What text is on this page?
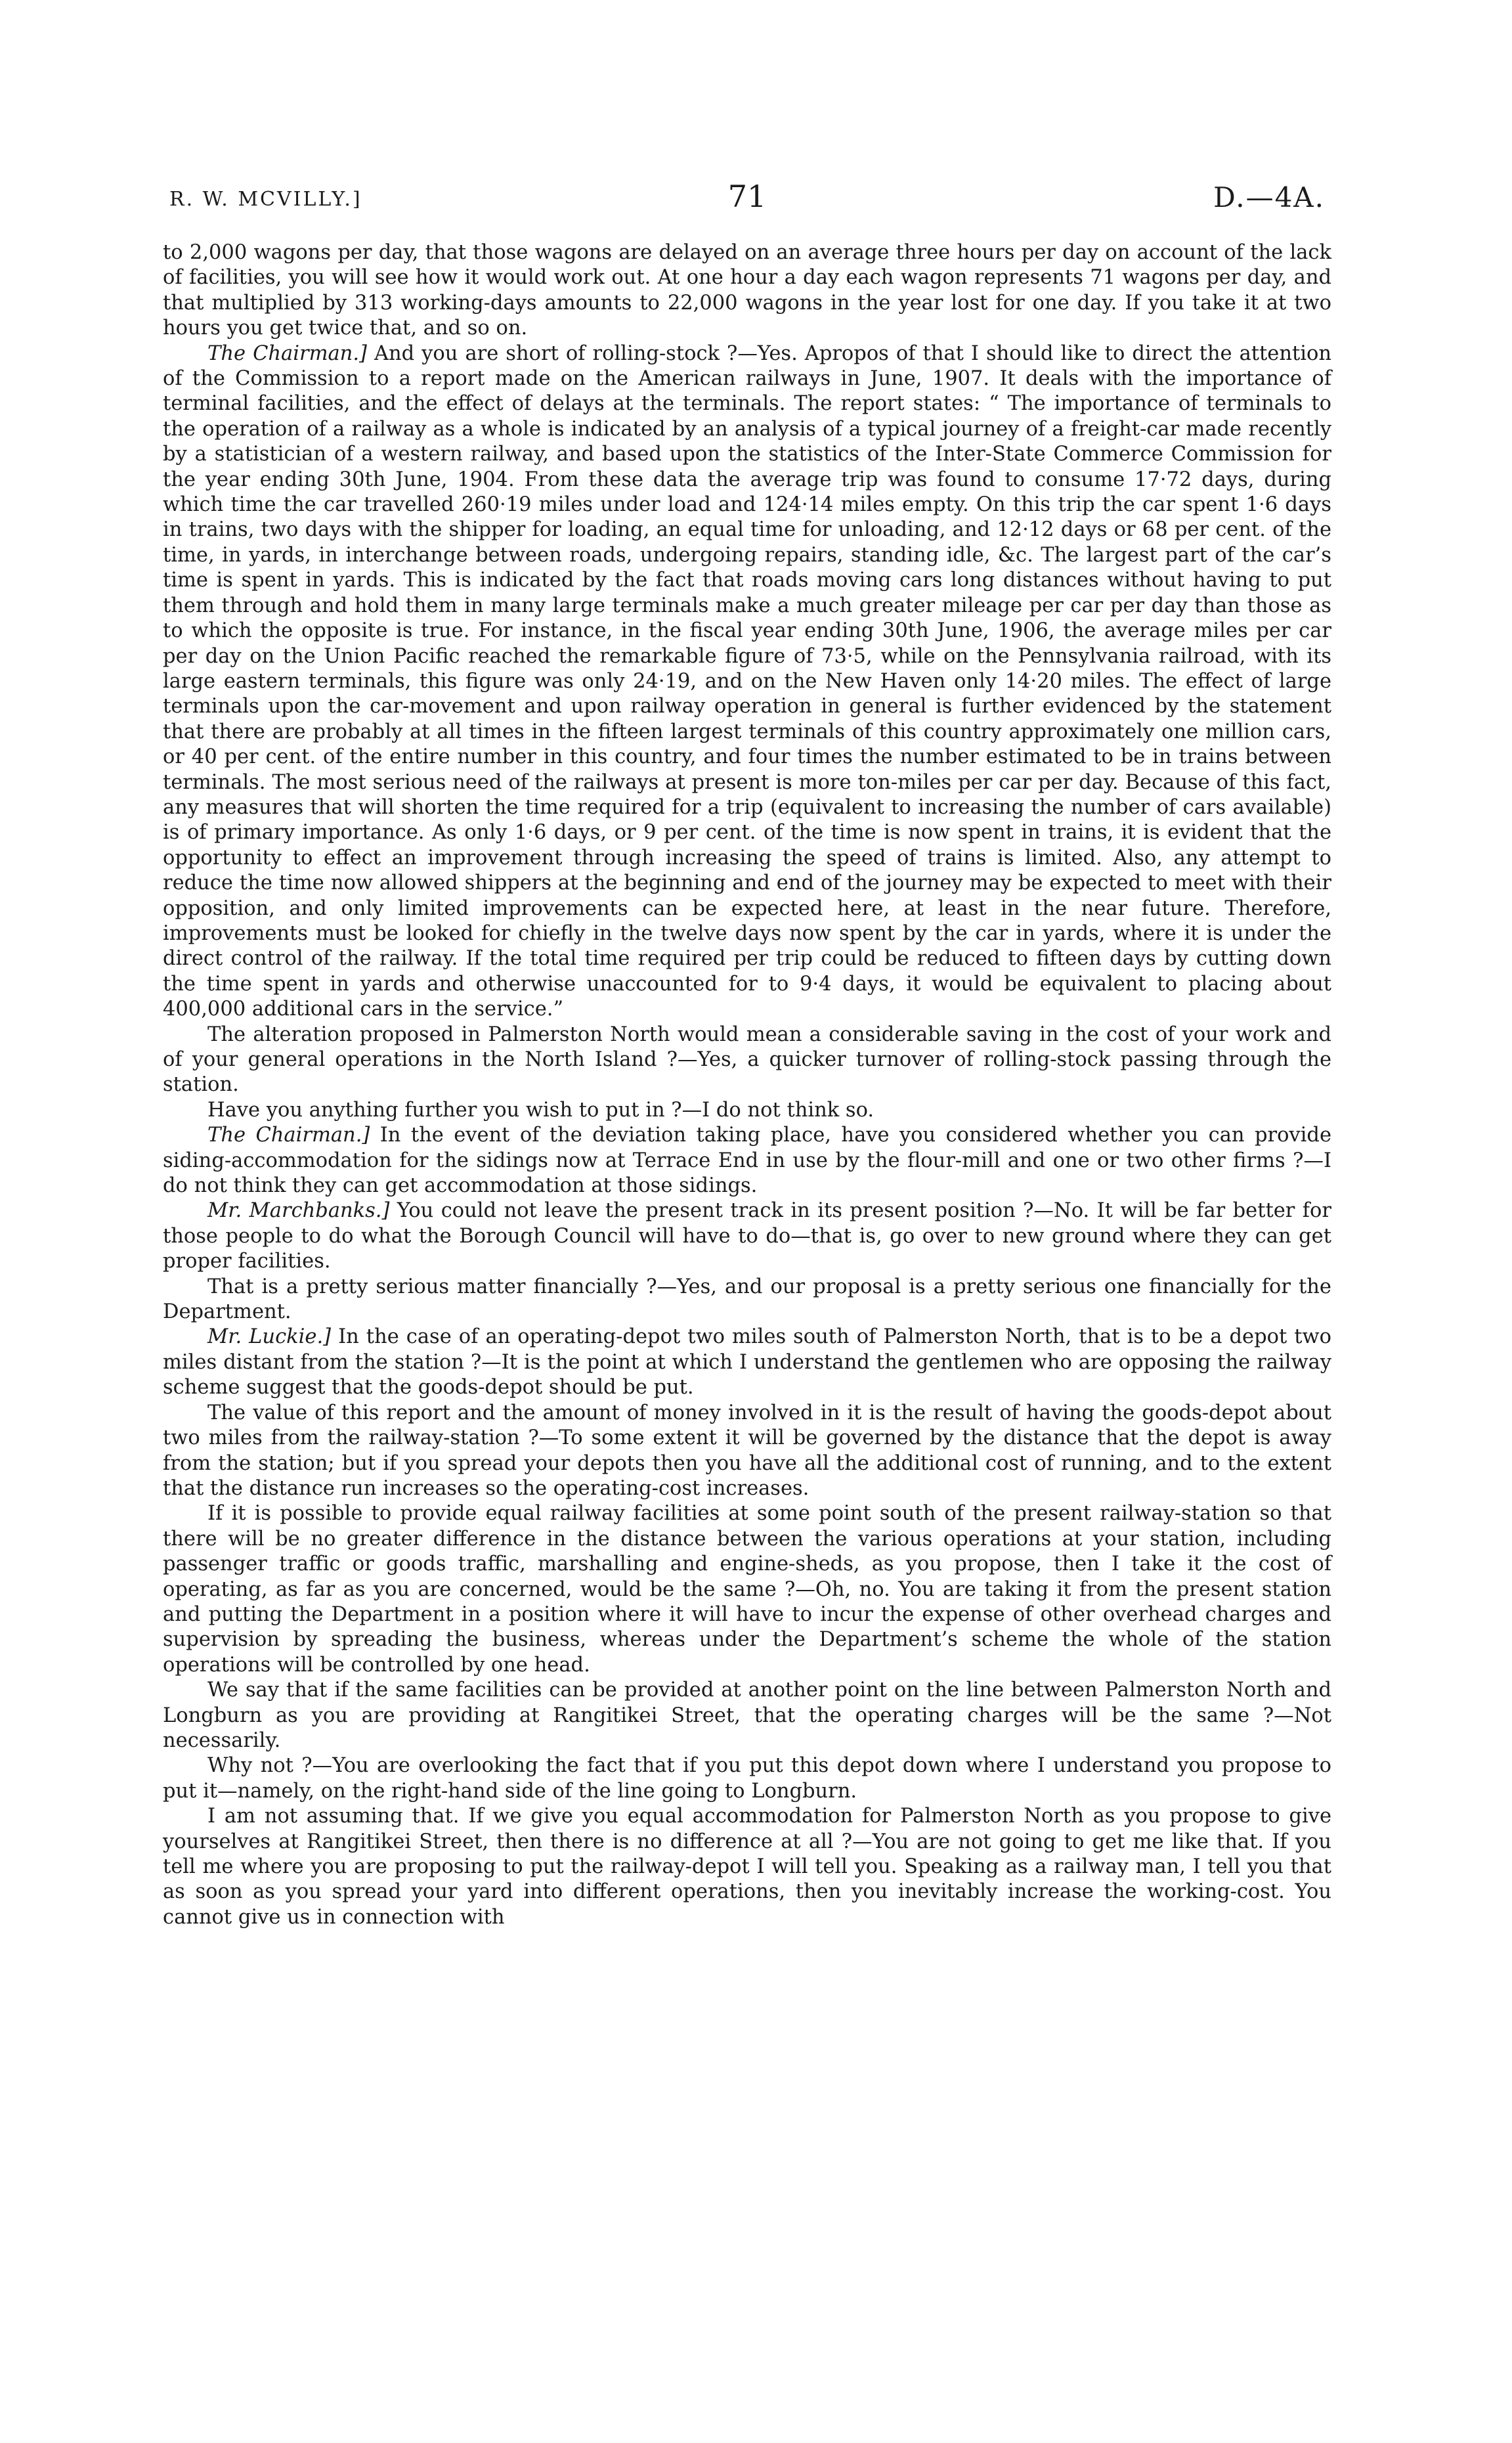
R. W. MCVILLY.]	71	D.—4A.

to 2,000 wagons per day, that those wagons are delayed on an average three hours per day on account of the lack of facilities, you will see how it would work out. At one hour a day each wagon represents 71 wagons per day, and that multiplied by 313 working-days amounts to 22,000 wagons in the year lost for one day. If you take it at two hours you get twice that, and so on.

The Chairman.] And you are short of rolling-stock ?—Yes. Apropos of that I should like to direct the attention of the Commission to a report made on the American railways in June, 1907. It deals with the importance of terminal facilities, and the effect of delays at the terminals. The report states: “ The importance of terminals to the operation of a railway as a whole is indicated by an analysis of a typical journey of a freight-car made recently by a statistician of a western railway, and based upon the statistics of the Inter-State Commerce Commission for the year ending 30th June, 1904. From these data the average trip was found to consume 17·72 days, during which time the car travelled 260·19 miles under load and 124·14 miles empty. On this trip the car spent 1·6 days in trains, two days with the shipper for loading, an equal time for unloading, and 12·12 days or 68 per cent. of the time, in yards, in interchange between roads, undergoing repairs, standing idle, &c. The largest part of the car’s time is spent in yards. This is indicated by the fact that roads moving cars long distances without having to put them through and hold them in many large terminals make a much greater mileage per car per day than those as to which the opposite is true. For instance, in the fiscal year ending 30th June, 1906, the average miles per car per day on the Union Pacific reached the remarkable figure of 73·5, while on the Pennsylvania railroad, with its large eastern terminals, this figure was only 24·19, and on the New Haven only 14·20 miles. The effect of large terminals upon the car-movement and upon railway operation in general is further evidenced by the statement that there are probably at all times in the fifteen largest terminals of this country approximately one million cars, or 40 per cent. of the entire number in this country, and four times the number estimated to be in trains between terminals. The most serious need of the railways at present is more ton-miles per car per day. Because of this fact, any measures that will shorten the time required for a trip (equivalent to increasing the number of cars available) is of primary importance. As only 1·6 days, or 9 per cent. of the time is now spent in trains, it is evident that the opportunity to effect an improvement through increasing the speed of trains is limited. Also, any attempt to reduce the time now allowed shippers at the beginning and end of the journey may be expected to meet with their opposition, and only limited improvements can be expected here, at least in the near future. Therefore, improvements must be looked for chiefly in the twelve days now spent by the car in yards, where it is under the direct control of the railway. If the total time required per trip could be reduced to fifteen days by cutting down the time spent in yards and otherwise unaccounted for to 9·4 days, it would be equivalent to placing about 400,000 additional cars in the service.”

The alteration proposed in Palmerston North would mean a considerable saving in the cost of your work and of your general operations in the North Island ?—Yes, a quicker turnover of rolling-stock passing through the station.

Have you anything further you wish to put in ?—I do not think so.

The Chairman.] In the event of the deviation taking place, have you considered whether you can provide siding-accommodation for the sidings now at Terrace End in use by the flour-mill and one or two other firms ?—I do not think they can get accommodation at those sidings.

Mr. Marchbanks.] You could not leave the present track in its present position ?—No. It will be far better for those people to do what the Borough Council will have to do—that is, go over to new ground where they can get proper facilities.

That is a pretty serious matter financially ?—Yes, and our proposal is a pretty serious one financially for the Department.

Mr. Luckie.] In the case of an operating-depot two miles south of Palmerston North, that is to be a depot two miles distant from the station ?—It is the point at which I understand the gentlemen who are opposing the railway scheme suggest that the goods-depot should be put.

The value of this report and the amount of money involved in it is the result of having the goods-depot about two miles from the railway-station ?—To some extent it will be governed by the distance that the depot is away from the station; but if you spread your depots then you have all the additional cost of running, and to the extent that the distance run increases so the operating-cost increases.

If it is possible to provide equal railway facilities at some point south of the present railway-station so that there will be no greater difference in the distance between the various operations at your station, including passenger traffic or goods traffic, marshalling and engine-sheds, as you propose, then I take it the cost of operating, as far as you are concerned, would be the same ?—Oh, no. You are taking it from the present station and putting the Department in a position where it will have to incur the expense of other overhead charges and supervision by spreading the business, whereas under the Department’s scheme the whole of the station operations will be controlled by one head.

We say that if the same facilities can be provided at another point on the line between Palmerston North and Longburn as you are providing at Rangitikei Street, that the operating charges will be the same ?—Not necessarily.

Why not ?—You are overlooking the fact that if you put this depot down where I understand you propose to put it—namely, on the right-hand side of the line going to Longburn.

I am not assuming that. If we give you equal accommodation for Palmerston North as you propose to give yourselves at Rangitikei Street, then there is no difference at all ?—You are not going to get me like that. If you tell me where you are proposing to put the railway-depot I will tell you. Speaking as a railway man, I tell you that as soon as you spread your yard into different operations, then you inevitably increase the working-cost. You cannot give us in connection with
